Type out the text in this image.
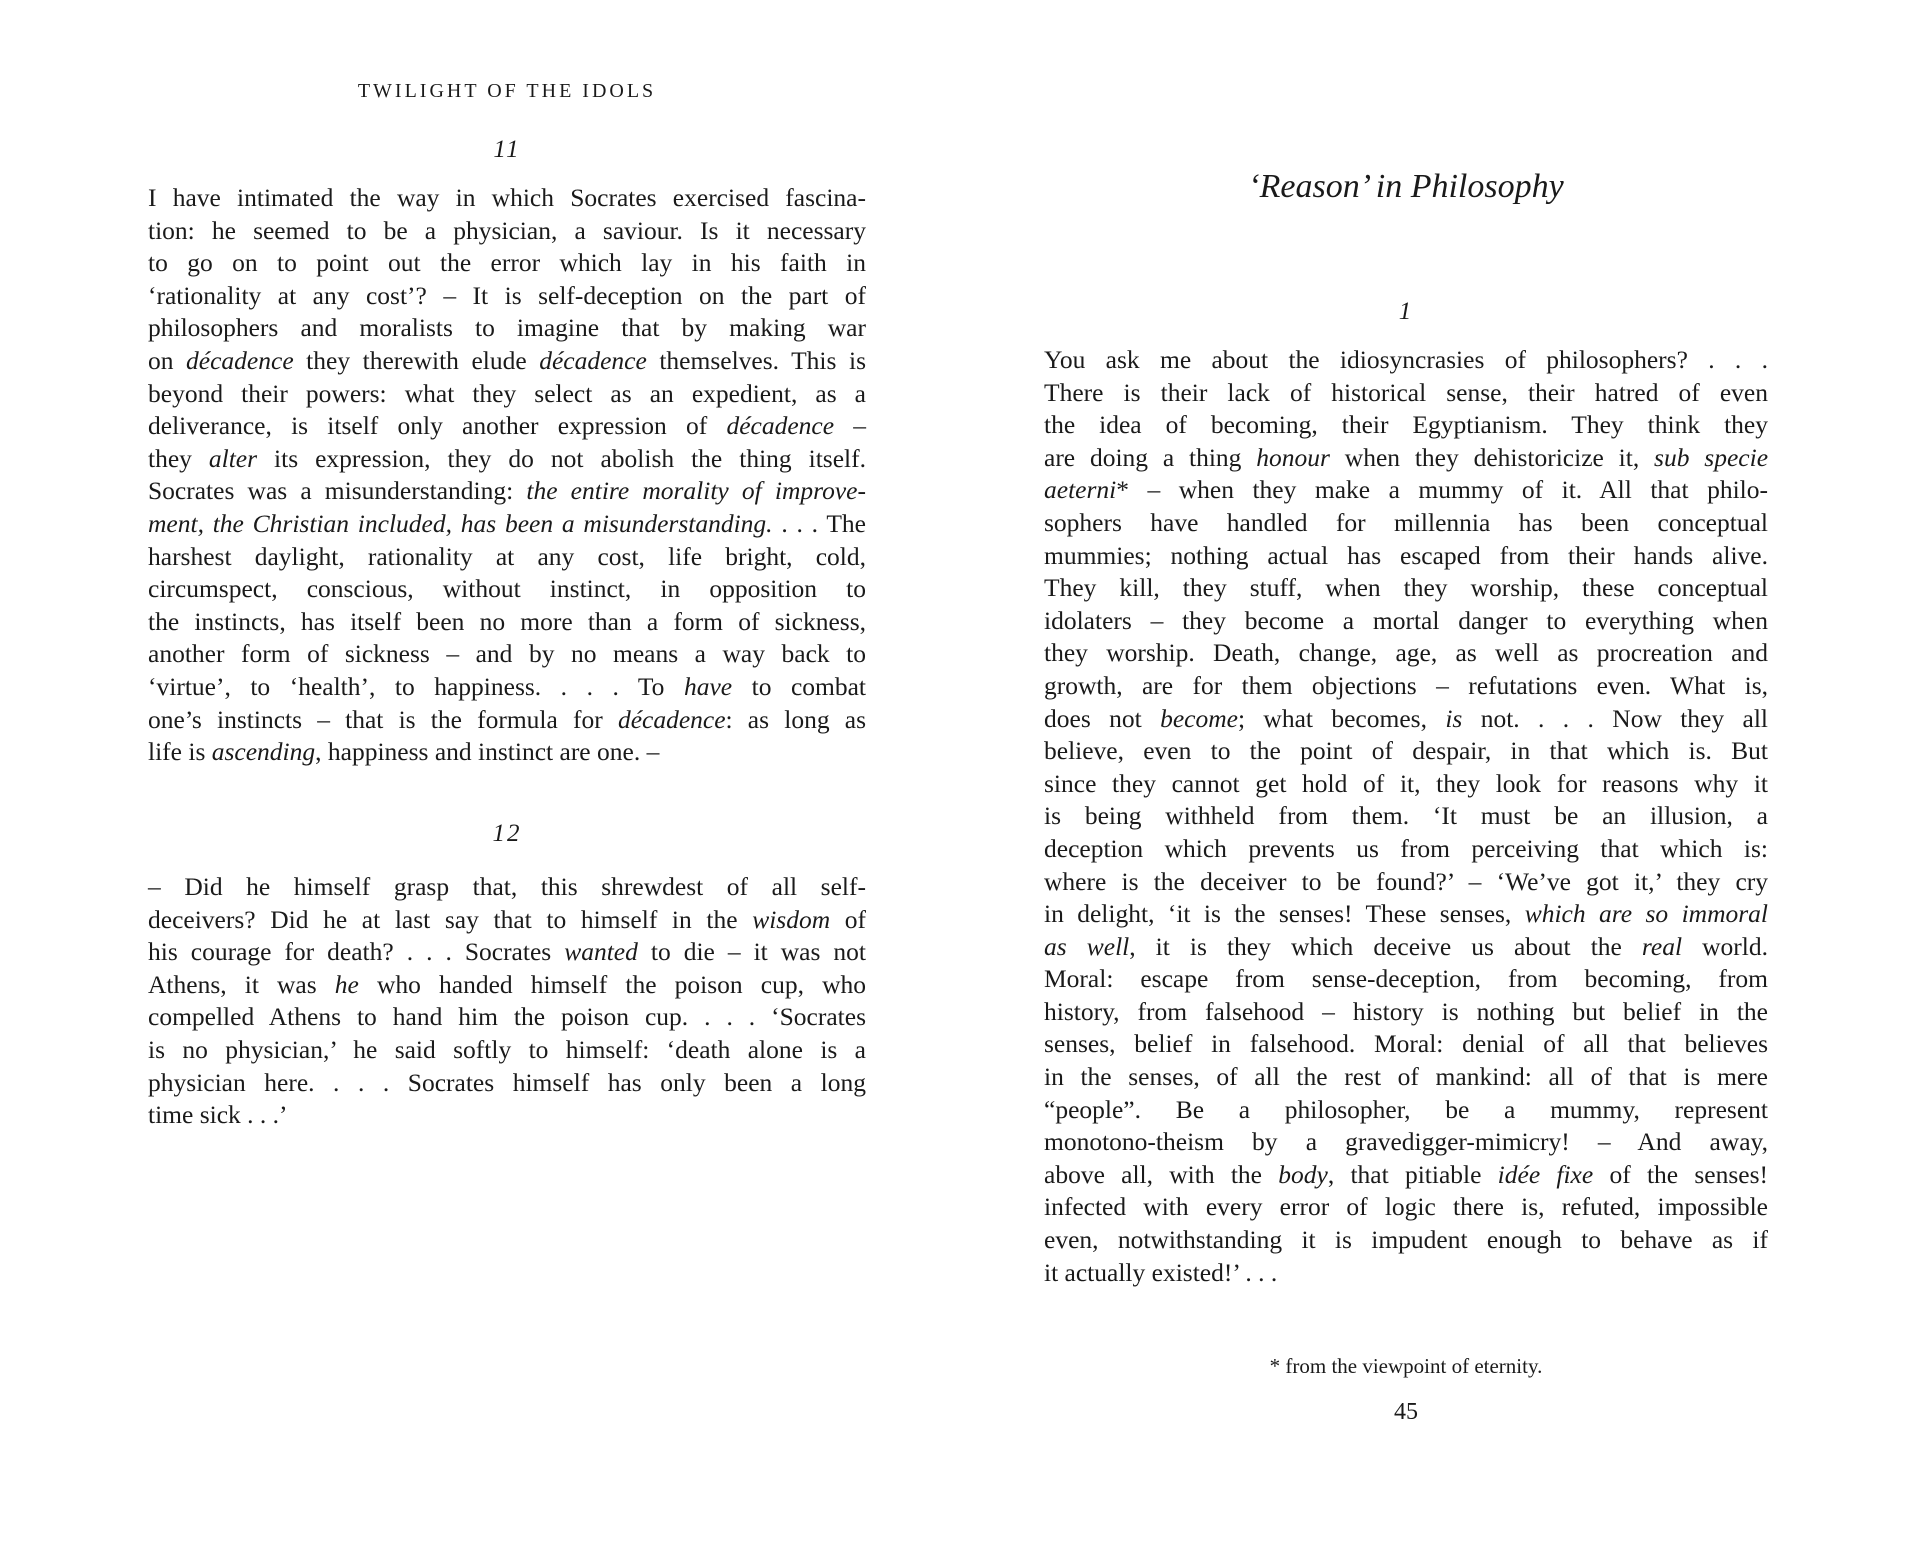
TWILIGHT OF THE IDOLS
11
I have intimated the way in which Socrates exercised fascina-
tion: he seemed to be a physician, a saviour. Is it necessary
to go on to point out the error which lay in his faith in
‘rationality at any cost’? – It is self-deception on the part of
philosophers and moralists to imagine that by making war
on décadence they therewith elude décadence themselves. This is
beyond their powers: what they select as an expedient, as a
deliverance, is itself only another expression of décadence –
they alter its expression, they do not abolish the thing itself.
Socrates was a misunderstanding: the entire morality of improve-
ment, the Christian included, has been a misunderstanding. . . . The
harshest daylight, rationality at any cost, life bright, cold,
circumspect, conscious, without instinct, in opposition to
the instincts, has itself been no more than a form of sickness,
another form of sickness – and by no means a way back to
‘virtue’, to ‘health’, to happiness. . . . To have to combat
one’s instincts – that is the formula for décadence: as long as
life is ascending, happiness and instinct are one. –
12
– Did he himself grasp that, this shrewdest of all self-
deceivers? Did he at last say that to himself in the wisdom of
his courage for death? . . . Socrates wanted to die – it was not
Athens, it was he who handed himself the poison cup, who
compelled Athens to hand him the poison cup. . . . ‘Socrates
is no physician,’ he said softly to himself: ‘death alone is a
physician here. . . . Socrates himself has only been a long
time sick . . .’
‘Reason’ in Philosophy
1
You ask me about the idiosyncrasies of philosophers? . . .
There is their lack of historical sense, their hatred of even
the idea of becoming, their Egyptianism. They think they
are doing a thing honour when they dehistoricize it, sub specie
aeterni* – when they make a mummy of it. All that philo-
sophers have handled for millennia has been conceptual
mummies; nothing actual has escaped from their hands alive.
They kill, they stuff, when they worship, these conceptual
idolaters – they become a mortal danger to everything when
they worship. Death, change, age, as well as procreation and
growth, are for them objections – refutations even. What is,
does not become; what becomes, is not. . . . Now they all
believe, even to the point of despair, in that which is. But
since they cannot get hold of it, they look for reasons why it
is being withheld from them. ‘It must be an illusion, a
deception which prevents us from perceiving that which is:
where is the deceiver to be found?’ – ‘We’ve got it,’ they cry
in delight, ‘it is the senses! These senses, which are so immoral
as well, it is they which deceive us about the real world.
Moral: escape from sense-deception, from becoming, from
history, from falsehood – history is nothing but belief in the
senses, belief in falsehood. Moral: denial of all that believes
in the senses, of all the rest of mankind: all of that is mere
“people”. Be a philosopher, be a mummy, represent
monotono-theism by a gravedigger-mimicry! – And away,
above all, with the body, that pitiable idée fixe of the senses!
infected with every error of logic there is, refuted, impossible
even, notwithstanding it is impudent enough to behave as if
it actually existed!’ . . .
* from the viewpoint of eternity.
45
